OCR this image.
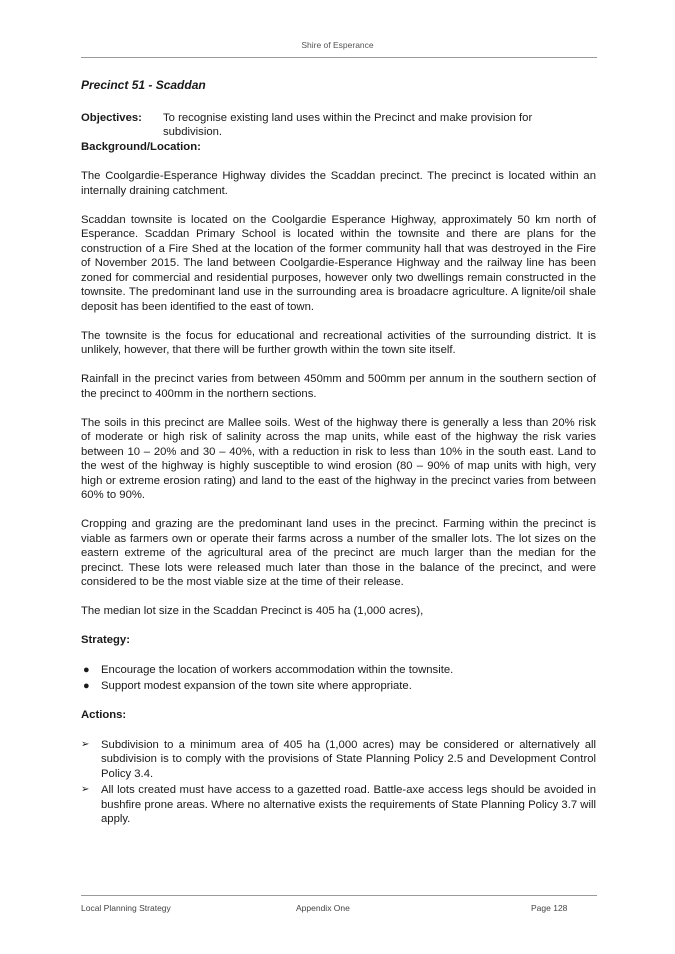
Shire of Esperance
Precinct 51 - Scaddan
Objectives:	To recognise existing land uses within the Precinct and make provision for subdivision.
Background/Location:

The Coolgardie-Esperance Highway divides the Scaddan precinct. The precinct is located within an internally draining catchment.

Scaddan townsite is located on the Coolgardie Esperance Highway, approximately 50 km north of Esperance. Scaddan Primary School is located within the townsite and there are plans for the construction of a Fire Shed at the location of the former community hall that was destroyed in the Fire of November 2015. The land between Coolgardie-Esperance Highway and the railway line has been zoned for commercial and residential purposes, however only two dwellings remain constructed in the townsite. The predominant land use in the surrounding area is broadacre agriculture. A lignite/oil shale deposit has been identified to the east of town.

The townsite is the focus for educational and recreational activities of the surrounding district. It is unlikely, however, that there will be further growth within the town site itself.

Rainfall in the precinct varies from between 450mm and 500mm per annum in the southern section of the precinct to 400mm in the northern sections.

The soils in this precinct are Mallee soils. West of the highway there is generally a less than 20% risk of moderate or high risk of salinity across the map units, while east of the highway the risk varies between 10 – 20% and 30 – 40%, with a reduction in risk to less than 10% in the south east. Land to the west of the highway is highly susceptible to wind erosion (80 – 90% of map units with high, very high or extreme erosion rating) and land to the east of the highway in the precinct varies from between 60% to 90%.

Cropping and grazing are the predominant land uses in the precinct. Farming within the precinct is viable as farmers own or operate their farms across a number of the smaller lots. The lot sizes on the eastern extreme of the agricultural area of the precinct are much larger than the median for the precinct. These lots were released much later than those in the balance of the precinct, and were considered to be the most viable size at the time of their release.

The median lot size in the Scaddan Precinct is 405 ha (1,000 acres),

Strategy:
● Encourage the location of workers accommodation within the townsite.
● Support modest expansion of the town site where appropriate.
Actions:
➢ Subdivision to a minimum area of 405 ha (1,000 acres) may be considered or alternatively all subdivision is to comply with the provisions of State Planning Policy 2.5 and Development Control Policy 3.4.
➢ All lots created must have access to a gazetted road. Battle-axe access legs should be avoided in bushfire prone areas. Where no alternative exists the requirements of State Planning Policy 3.7 will apply.
Local Planning Strategy	Appendix One	Page 128
